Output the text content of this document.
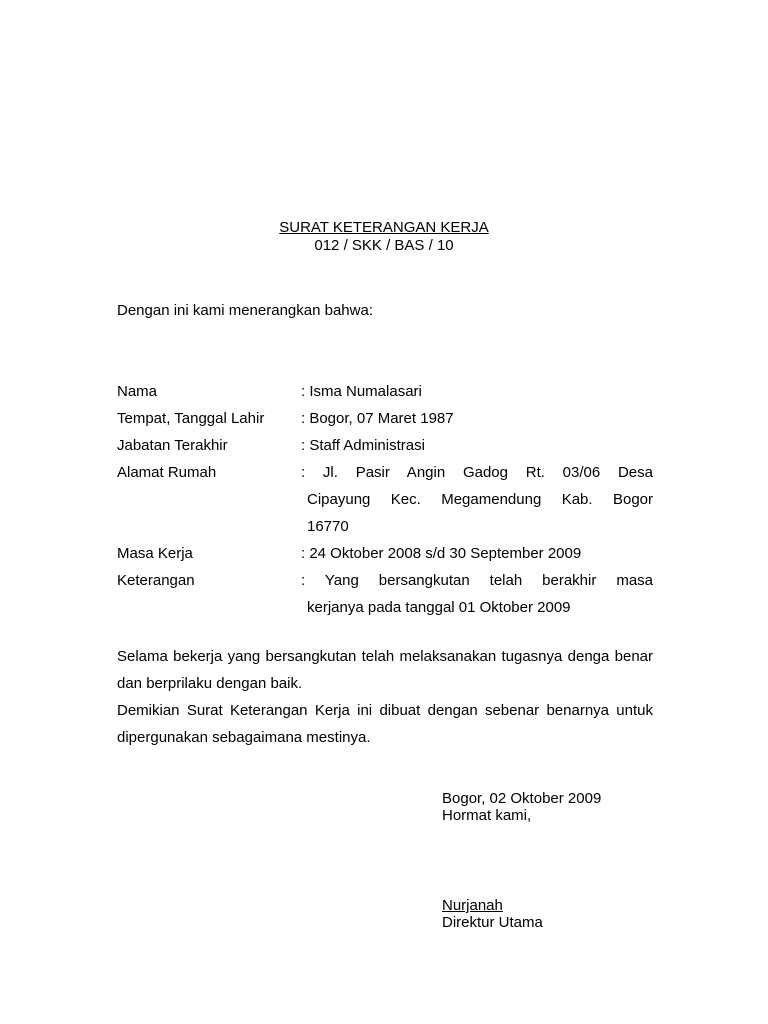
SURAT KETERANGAN KERJA
012 / SKK / BAS / 10
Dengan ini kami menerangkan bahwa:
Nama	: Isma Numalasari
Tempat, Tanggal Lahir	: Bogor, 07 Maret 1987
Jabatan Terakhir	: Staff Administrasi
Alamat Rumah	: Jl. Pasir Angin Gadog Rt. 03/06 Desa
Cipayung Kec. Megamendung Kab. Bogor
16770
Masa Kerja	: 24 Oktober 2008 s/d 30 September 2009
Keterangan	: Yang bersangkutan telah berakhir masa
kerjanya pada tanggal 01 Oktober 2009

Selama bekerja yang bersangkutan telah melaksanakan tugasnya denga benar dan berprilaku dengan baik.

Demikian Surat Keterangan Kerja ini dibuat dengan sebenar benarnya untuk dipergunakan sebagaimana mestinya.

Bogor, 02 Oktober 2009
Hormat kami,
Nurjanah
Direktur Utama
